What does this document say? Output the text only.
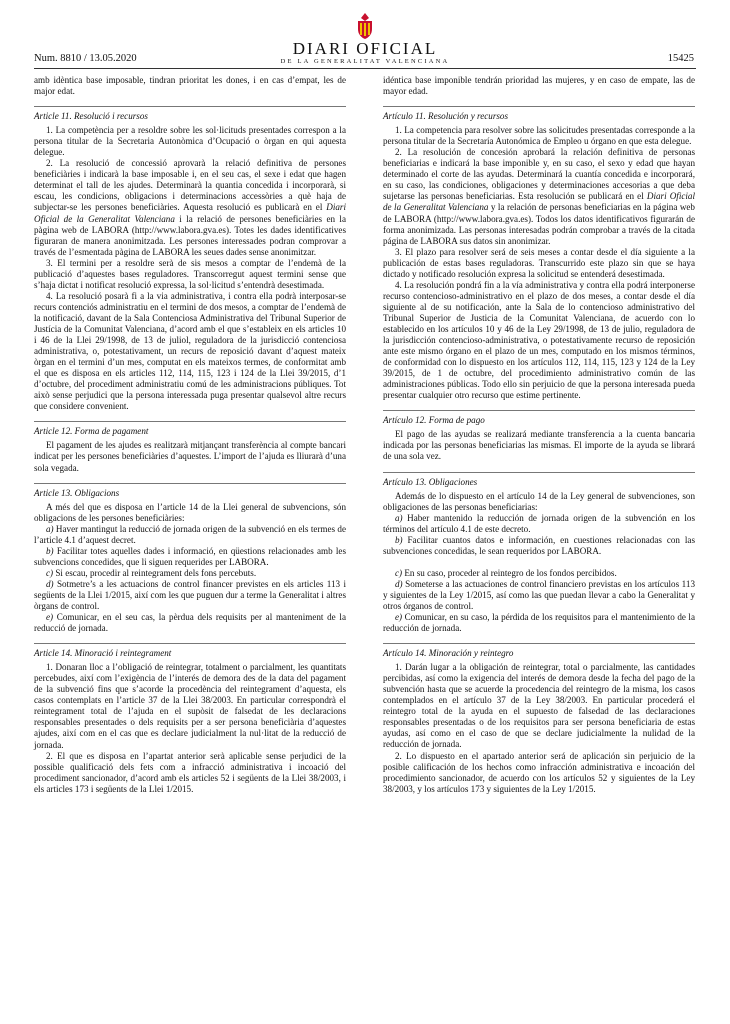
DIARI OFICIAL
DE LA GENERALITAT VALENCIANA
Num. 8810 / 13.05.2020	15425

amb idèntica base imposable, tindran prioritat les dones, i en cas d’empat, les de major edat.

Article 11. Resolució i recursos

1. La competència per a resoldre sobre les sol·licituds presentades correspon a la persona titular de la Secretaria Autonòmica d’Ocupació o òrgan en qui aquesta delegue.

2. La resolució de concessió aprovarà la relació definitiva de persones beneficiàries i indicarà la base imposable i, en el seu cas, el sexe i edat que hagen determinat el tall de les ajudes. Determinarà la quantia concedida i incorporarà, si escau, les condicions, obligacions i determinacions accessòries a què haja de subjectar-se les persones beneficiàries. Aquesta resolució es publicarà en el Diari Oficial de la Generalitat Valenciana i la relació de persones beneficiàries en la pàgina web de LABORA (http://www.labora.gva.es). Totes les dades identificatives figuraran de manera anonimitzada. Les persones interessades podran comprovar a través de l’esmentada pàgina de LABORA les seues dades sense anonimitzar.

3. El termini per a resoldre serà de sis mesos a comptar de l’endemà de la publicació d’aquestes bases reguladores. Transcorregut aquest termini sense que s’haja dictat i notificat resolució expressa, la sol·licitud s’entendrà desestimada.

4. La resolució posarà fi a la via administrativa, i contra ella podrà interposar-se recurs contenciós administratiu en el termini de dos mesos, a comptar de l’endemà de la notificació, davant de la Sala Contenciosa Administrativa del Tribunal Superior de Justícia de la Comunitat Valenciana, d’acord amb el que s’estableix en els articles 10 i 46 de la Llei 29/1998, de 13 de juliol, reguladora de la jurisdicció contenciosa administrativa, o, potestativament, un recurs de reposició davant d’aquest mateix òrgan en el termini d’un mes, computat en els mateixos termes, de conformitat amb el que es disposa en els articles 112, 114, 115, 123 i 124 de la Llei 39/2015, d’1 d’octubre, del procediment administratiu comú de les administracions públiques. Tot això sense perjudici que la persona interessada puga presentar qualsevol altre recurs que considere convenient.

Article 12. Forma de pagament

El pagament de les ajudes es realitzarà mitjançant transferència al compte bancari indicat per les persones beneficiàries d’aquestes. L’import de l’ajuda es lliurarà d’una sola vegada.

Article 13. Obligacions

A més del que es disposa en l’article 14 de la Llei general de subvencions, són obligacions de les persones beneficiàries:

a) Haver mantingut la reducció de jornada origen de la subvenció en els termes de l’article 4.1 d’aquest decret.

b) Facilitar totes aquelles dades i informació, en qüestions relacionades amb les subvencions concedides, que li siguen requerides per LABORA.

c) Si escau, procedir al reintegrament dels fons percebuts.

d) Sotmetre’s a les actuacions de control financer previstes en els articles 113 i següents de la Llei 1/2015, així com les que puguen dur a terme la Generalitat i altres òrgans de control.

e) Comunicar, en el seu cas, la pèrdua dels requisits per al manteniment de la reducció de jornada.

Article 14. Minoració i reintegrament

1. Donaran lloc a l’obligació de reintegrar, totalment o parcialment, les quantitats percebudes, així com l’exigència de l’interés de demora des de la data del pagament de la subvenció fins que s’acorde la procedència del reintegrament d’aquesta, els casos contemplats en l’article 37 de la Llei 38/2003. En particular correspondrà el reintegrament total de l’ajuda en el supòsit de falsedat de les declaracions responsables presentades o dels requisits per a ser persona beneficiària d’aquestes ajudes, així com en el cas que es declare judicialment la nul·litat de la reducció de jornada.

2. El que es disposa en l’apartat anterior serà aplicable sense perjudici de la possible qualificació dels fets com a infracció administrativa i incoació del procediment sancionador, d’acord amb els articles 52 i següents de la Llei 38/2003, i els articles 173 i següents de la Llei 1/2015.

idéntica base imponible tendrán prioridad las mujeres, y en caso de empate, las de mayor edad.

Artículo 11. Resolución y recursos

1. La competencia para resolver sobre las solicitudes presentadas corresponde a la persona titular de la Secretaría Autonómica de Empleo u órgano en que esta delegue.

2. La resolución de concesión aprobará la relación definitiva de personas beneficiarias e indicará la base imponible y, en su caso, el sexo y edad que hayan determinado el corte de las ayudas. Determinará la cuantía concedida e incorporará, en su caso, las condiciones, obligaciones y determinaciones accesorias a que deba sujetarse las personas beneficiarias. Esta resolución se publicará en el Diari Oficial de la Generalitat Valenciana y la relación de personas beneficiarias en la página web de LABORA (http://www.labora.gva.es). Todos los datos identificativos figurarán de forma anonimizada. Las personas interesadas podrán comprobar a través de la citada página de LABORA sus datos sin anonimizar.

3. El plazo para resolver será de seis meses a contar desde el día siguiente a la publicación de estas bases reguladoras. Transcurrido este plazo sin que se haya dictado y notificado resolución expresa la solicitud se entenderá desestimada.

4. La resolución pondrá fin a la vía administrativa y contra ella podrá interponerse recurso contencioso-administrativo en el plazo de dos meses, a contar desde el día siguiente al de su notificación, ante la Sala de lo contencioso administrativo del Tribunal Superior de Justicia de la Comunitat Valenciana, de acuerdo con lo establecido en los artículos 10 y 46 de la Ley 29/1998, de 13 de julio, reguladora de la jurisdicción contencioso-administrativa, o potestativamente recurso de reposición ante este mismo órgano en el plazo de un mes, computado en los mismos términos, de conformidad con lo dispuesto en los artículos 112, 114, 115, 123 y 124 de la Ley 39/2015, de 1 de octubre, del procedimiento administrativo común de las administraciones públicas. Todo ello sin perjuicio de que la persona interesada pueda presentar cualquier otro recurso que estime pertinente.

Artículo 12. Forma de pago

El pago de las ayudas se realizará mediante transferencia a la cuenta bancaria indicada por las personas beneficiarias las mismas. El importe de la ayuda se librará de una sola vez.

Artículo 13. Obligaciones

Además de lo dispuesto en el artículo 14 de la Ley general de subvenciones, son obligaciones de las personas beneficiarias:

a) Haber mantenido la reducción de jornada origen de la subvención en los términos del artículo 4.1 de este decreto.

b) Facilitar cuantos datos e información, en cuestiones relacionadas con las subvenciones concedidas, le sean requeridos por LABORA.

c) En su caso, proceder al reintegro de los fondos percibidos.

d) Someterse a las actuaciones de control financiero previstas en los artículos 113 y siguientes de la Ley 1/2015, así como las que puedan llevar a cabo la Generalitat y otros órganos de control.

e) Comunicar, en su caso, la pérdida de los requisitos para el mantenimiento de la reducción de jornada.

Artículo 14. Minoración y reintegro

1. Darán lugar a la obligación de reintegrar, total o parcialmente, las cantidades percibidas, así como la exigencia del interés de demora desde la fecha del pago de la subvención hasta que se acuerde la procedencia del reintegro de la misma, los casos contemplados en el artículo 37 de la Ley 38/2003. En particular procederá el reintegro total de la ayuda en el supuesto de falsedad de las declaraciones responsables presentadas o de los requisitos para ser persona beneficiaria de estas ayudas, así como en el caso de que se declare judicialmente la nulidad de la reducción de jornada.

2. Lo dispuesto en el apartado anterior será de aplicación sin perjuicio de la posible calificación de los hechos como infracción administrativa e incoación del procedimiento sancionador, de acuerdo con los artículos 52 y siguientes de la Ley 38/2003, y los artículos 173 y siguientes de la Ley 1/2015.
